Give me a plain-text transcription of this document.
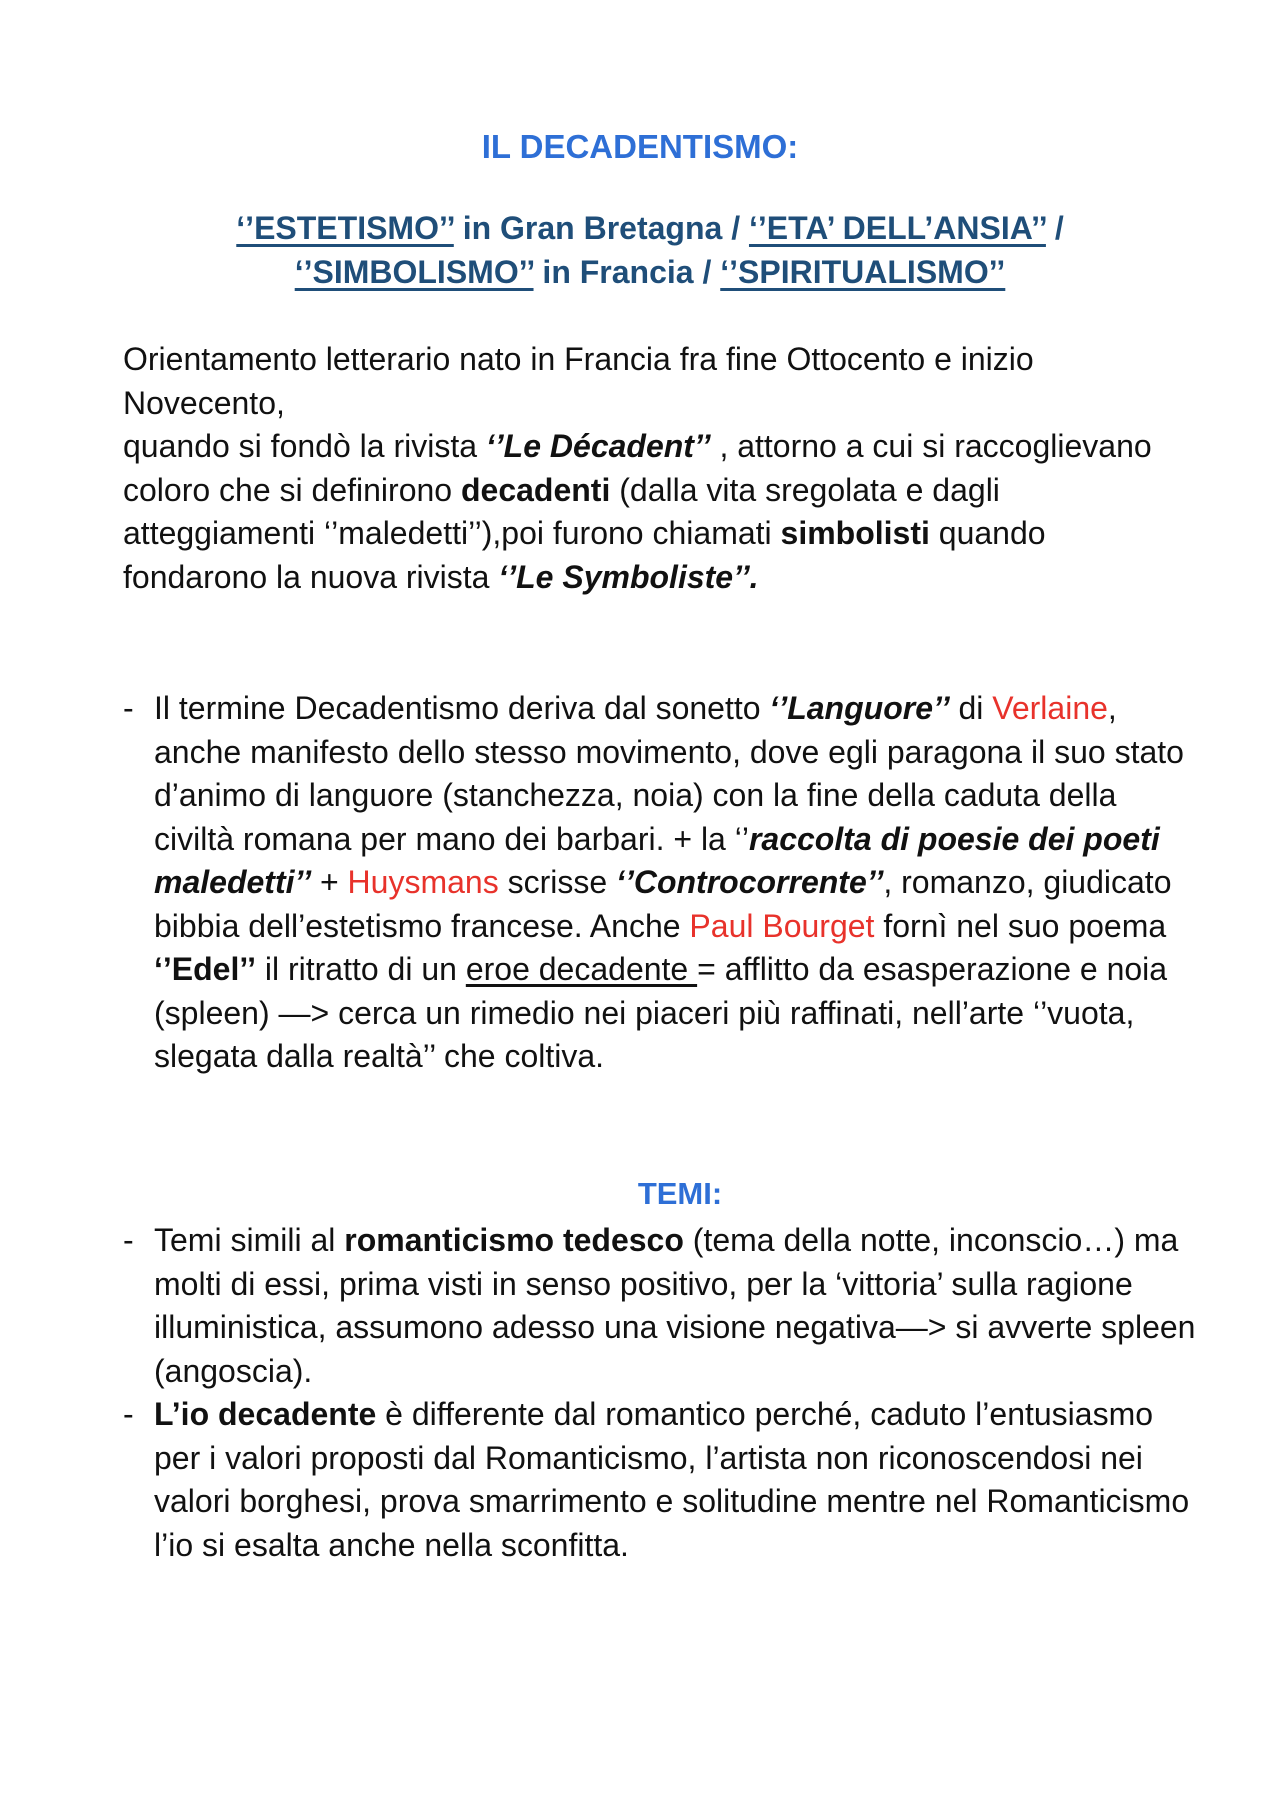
IL DECADENTISMO:

‘’ESTETISMO’’ in Gran Bretagna / ‘’ETA’ DELL’ANSIA’’ /
‘’SIMBOLISMO’’ in Francia / ‘’SPIRITUALISMO’’

Orientamento letterario nato in Francia fra fine Ottocento e inizio Novecento,
quando si fondò la rivista ‘’Le Décadent’’ , attorno a cui si raccoglievano coloro che si definirono decadenti (dalla vita sregolata e dagli atteggiamenti ‘’maledetti’’),poi furono chiamati simbolisti quando fondarono la nuova rivista ‘’Le Symboliste’’.
- Il termine Decadentismo deriva dal sonetto ‘’Languore’’ di Verlaine, anche manifesto dello stesso movimento, dove egli paragona il suo stato d’animo di languore (stanchezza, noia) con la fine della caduta della civiltà romana per mano dei barbari. + la ‘’raccolta di poesie dei poeti maledetti’’ + Huysmans scrisse ‘’Controcorrente’’, romanzo, giudicato bibbia dell’estetismo francese. Anche Paul Bourget fornì nel suo poema ‘’Edel’’ il ritratto di un eroe decadente = afflitto da esasperazione e noia (spleen) —> cerca un rimedio nei piaceri più raffinati, nell’arte ‘’vuota, slegata dalla realtà’’ che coltiva.
TEMI:
- Temi simili al romanticismo tedesco (tema della notte, inconscio…) ma molti di essi, prima visti in senso positivo, per la ‘vittoria’ sulla ragione illuministica, assumono adesso una visione negativa—> si avverte spleen (angoscia).
- L’io decadente è differente dal romantico perché, caduto l’entusiasmo per i valori proposti dal Romanticismo, l’artista non riconoscendosi nei valori borghesi, prova smarrimento e solitudine mentre nel Romanticismo l’io si esalta anche nella sconfitta.
